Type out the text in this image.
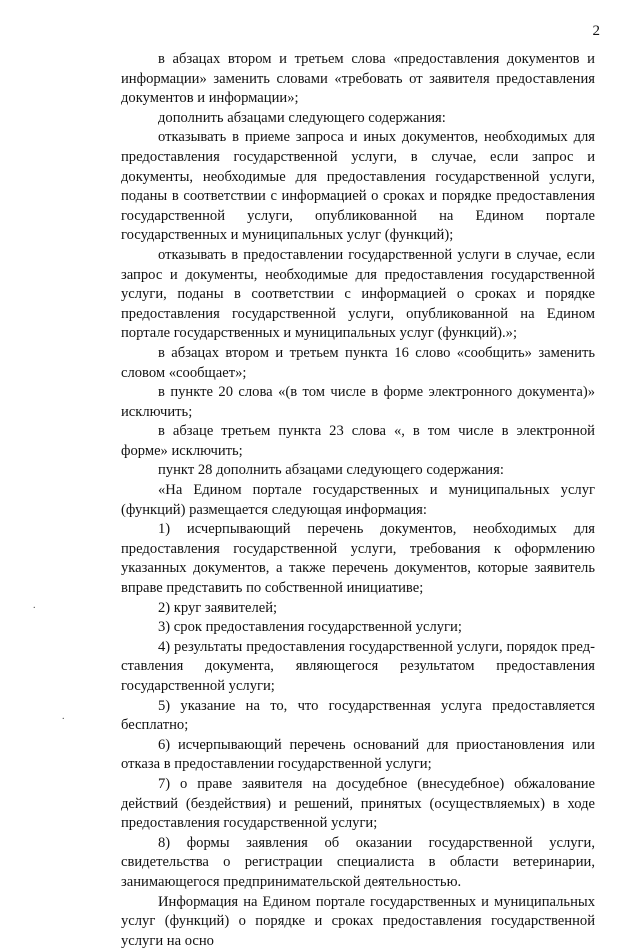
2

в абзацах втором и третьем слова «предоставления документов и информации» заменить словами «требовать от заявителя предоставления документов и информации»;

дополнить абзацами следующего содержания:

отказывать в приеме запроса и иных документов, необходимых для предоставления государственной услуги, в случае, если запрос и документы, необходимые для предоставления государственной услуги, поданы в соответствии с информацией о сроках и порядке предоставления государственной услуги, опубликованной на Едином портале государственных и муниципальных услуг (функций);

отказывать в предоставлении государственной услуги в случае, если запрос и документы, необходимые для предоставления государственной услуги, поданы в соответствии с информацией о сроках и порядке предоставления государственной услуги, опубликованной на Едином портале государственных и муниципальных услуг (функций).»;

в абзацах втором и третьем пункта 16 слово «сообщить» заменить словом «сообщает»;

в пункте 20 слова «(в том числе в форме электронного документа)» исключить;

в абзаце третьем пункта 23 слова «, в том числе в электронной форме» исключить;

пункт 28 дополнить абзацами следующего содержания:

«На Едином портале государственных и муниципальных услуг (функций) размещается следующая информация:

1) исчерпывающий перечень документов, необходимых для предоставления государственной услуги, требования к оформлению указанных документов, а также перечень документов, которые заявитель вправе представить по собственной инициативе;

2) круг заявителей;

3) срок предоставления государственной услуги;

4) результаты предоставления государственной услуги, порядок представления документа, являющегося результатом предоставления государственной услуги;

5) указание на то, что государственная услуга предоставляется бесплатно;

6) исчерпывающий перечень оснований для приостановления или отказа в предоставлении государственной услуги;

7) о праве заявителя на досудебное (внесудебное) обжалование действий (бездействия) и решений, принятых (осуществляемых) в ходе предоставления государственной услуги;

8) формы заявления об оказании государственной услуги, свидетельства о регистрации специалиста в области ветеринарии, занимающегося предпринимательской деятельностью.

Информация на Едином портале государственных и муниципальных услуг (функций) о порядке и сроках предоставления государственной услуги на осно

.
.
